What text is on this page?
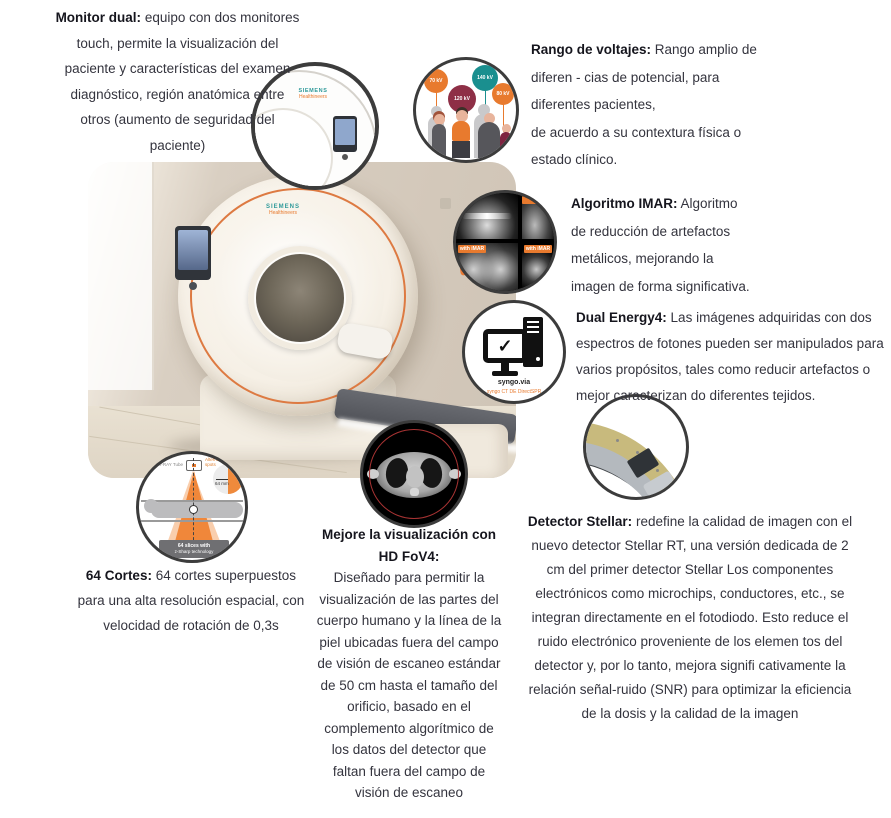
SIEMENS
Healthineers
SIEMENS
Healthineers
70 kV
120 kV
140 kV
80 kV
with iMAR	with iMAR
✓
syngo.via
syngo CT DE DirectSPR
X-RAY Tube
Alternating focal spots
64 mm
64 slices with
z-Sharp technology
Monitor dual: equipo con dos monitores touch, permite la visualización del paciente y características del examen diagnóstico, región anatómica entre otros (aumento de seguridad del paciente)
Rango de voltajes: Rango amplio de diferen - cias de potencial, para diferentes pacientes,
de acuerdo a su contextura física o estado clínico.
Algoritmo IMAR: Algoritmo de reducción de artefactos metálicos, mejorando la imagen de forma significativa.
Dual Energy4: Las imágenes adquiridas con dos espectros de fotones pueden ser manipulados para varios propósitos, tales como reducir artefactos o mejor caracterizan do diferentes tejidos.
Detector Stellar: redefine la calidad de imagen con el nuevo detector Stellar RT, una versión dedicada de 2 cm del primer detector Stellar Los componentes electrónicos como microchips, conductores, etc., se integran directamente en el fotodiodo. Esto reduce el ruido electrónico proveniente de los elemen tos del detector y, por lo tanto, mejora signifi cativamente la relación señal-ruido (SNR) para optimizar la eficiencia de la dosis y la calidad de la imagen
64 Cortes: 64 cortes superpuestos para una alta resolución espacial, con velocidad de rotación de 0,3s
Mejore la visualización con HD FoV4:
Diseñado para permitir la visualización de las partes del cuerpo humano y la línea de la piel ubicadas fuera del campo de visión de escaneo estándar de 50 cm hasta el tamaño del orificio, basado en el complemento algorítmico de los datos del detector que faltan fuera del campo de visión de escaneo
